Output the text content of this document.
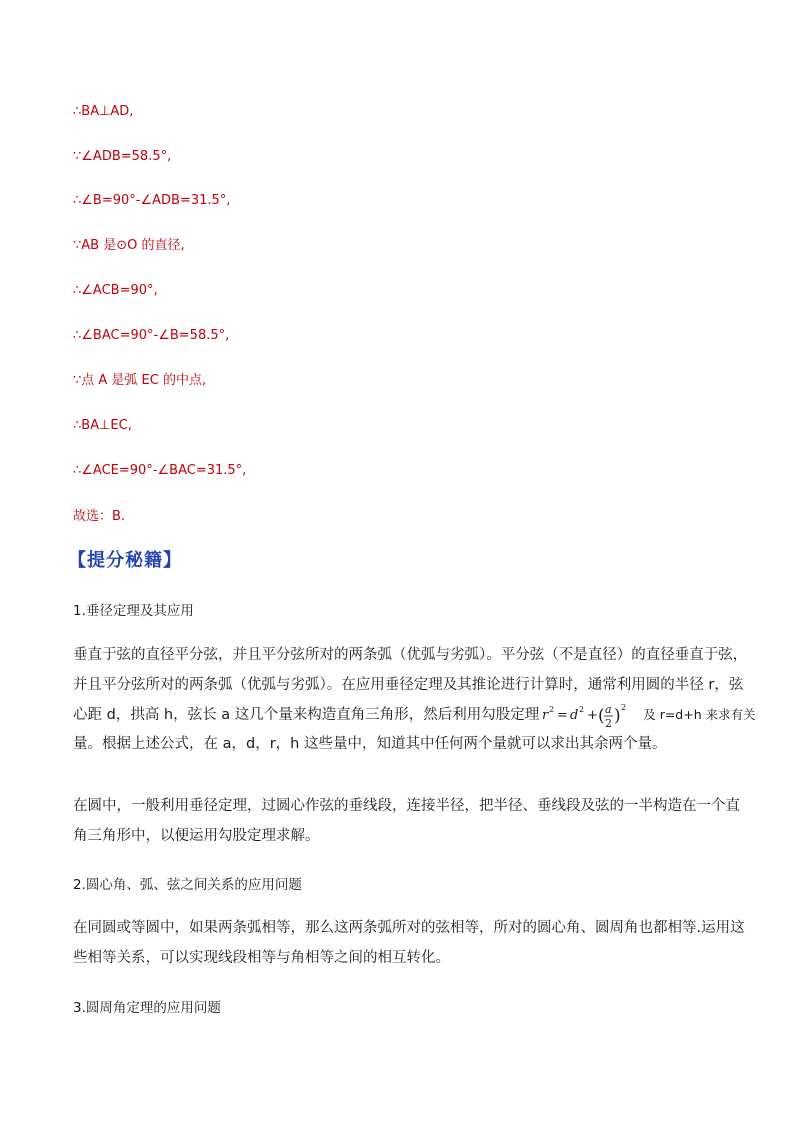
∴BA⊥AD,
∵∠ADB=58.5°,
∴∠B=90°-∠ADB=31.5°,
∵AB 是⊙O 的直径,
∴∠ACB=90°,
∴∠BAC=90°-∠B=58.5°,
∵点 A 是弧 EC 的中点,
∴BA⊥EC,
∴∠ACE=90°-∠BAC=31.5°,
故选：B.
【提分秘籍】
1.垂径定理及其应用
垂直于弦的直径平分弦，并且平分弦所对的两条弧（优弧与劣弧）。平分弦（不是直径）的直径垂直于弦，
并且平分弦所对的两条弧（优弧与劣弧）。在应用垂径定理及其推论进行计算时，通常利用圆的半径 r，弦
心距 d，拱高 h，弦长 a 这几个量来构造直角三角形，然后利用勾股定理 r 2 = d 2 + ( a
2 ) 2 及 r=d+h 来求有关
量。根据上述公式，在 a，d，r，h 这些量中，知道其中任何两个量就可以求出其余两个量。
在圆中，一般利用垂径定理，过圆心作弦的垂线段，连接半径，把半径、垂线段及弦的一半构造在一个直
角三角形中，以便运用勾股定理求解。
2.圆心角、弧、弦之间关系的应用问题
在同圆或等圆中，如果两条弧相等，那么这两条弧所对的弦相等，所对的圆心角、圆周角也都相等.运用这
些相等关系，可以实现线段相等与角相等之间的相互转化。
3.圆周角定理的应用问题
